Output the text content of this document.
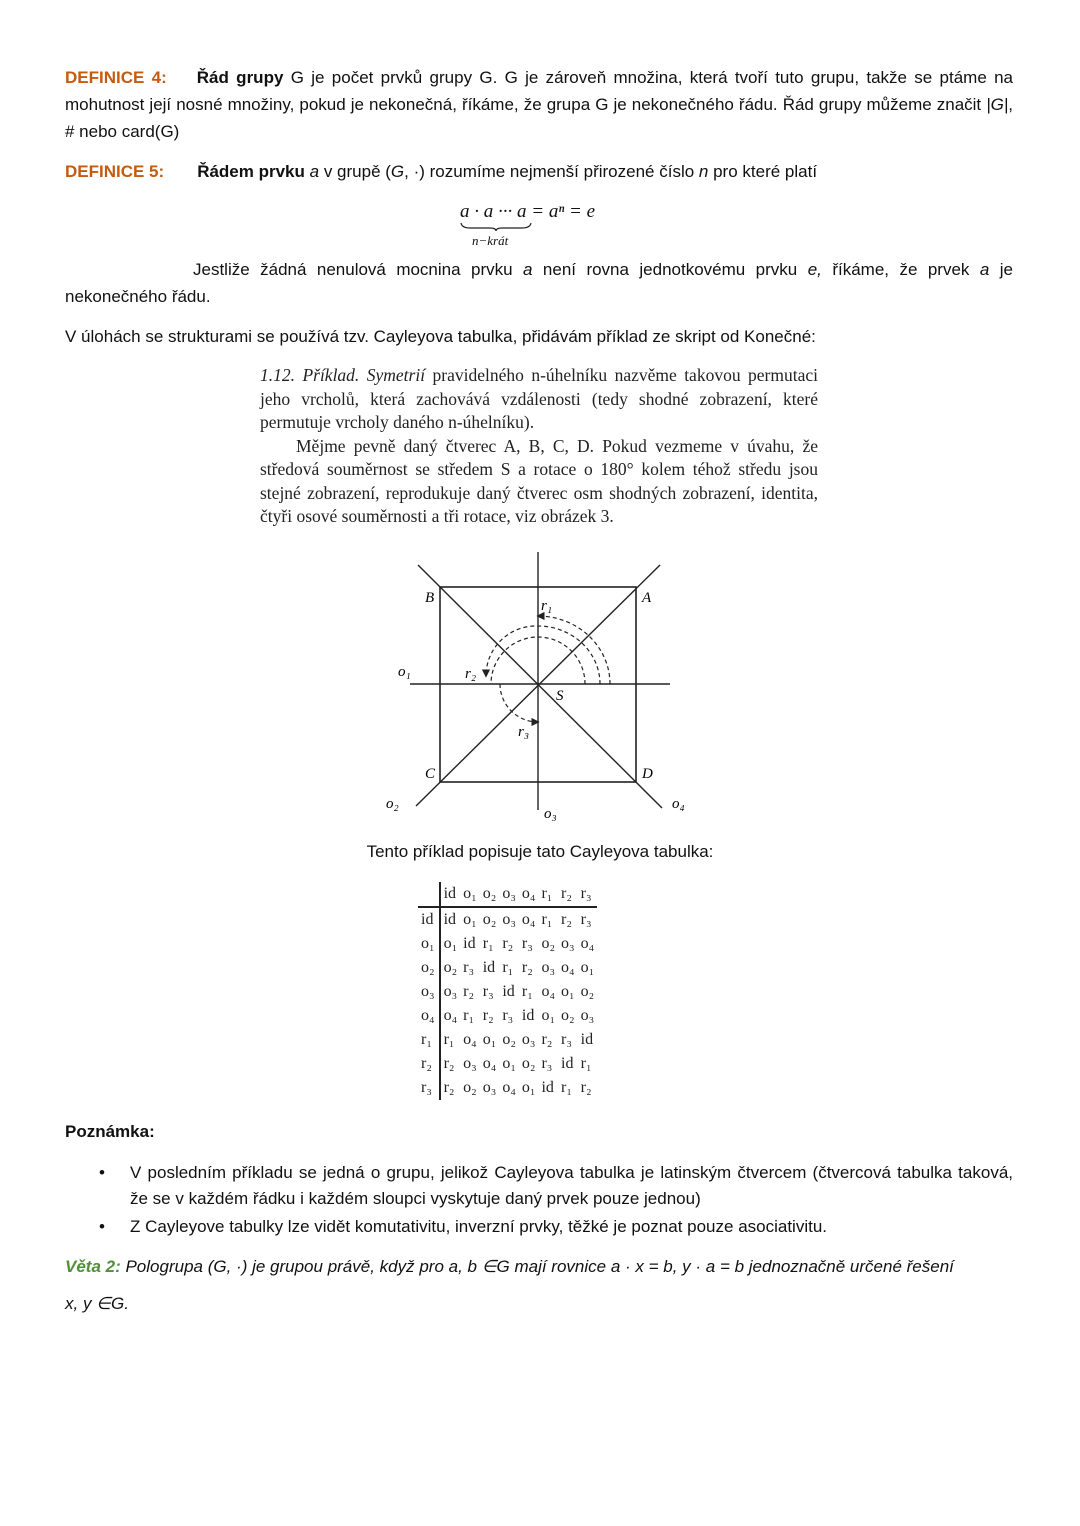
DEFINICE 4: Řád grupy G je počet prvků grupy G. G je zároveň množina, která tvoří tuto grupu, takže se ptáme na mohutnost její nosné množiny, pokud je nekonečná, říkáme, že grupa G je nekonečného řádu. Řád grupy můžeme značit |G|, # nebo card(G)
DEFINICE 5: Řádem prvku a v grupě (G, ·) rozumíme nejmenší přirozené číslo n pro které platí
a · a ··· a
n−krát
= aⁿ = e
Jestliže žádná nenulová mocnina prvku a není rovna jednotkovému prvku e, říkáme, že prvek a je nekonečného řádu.
V úlohách se strukturami se používá tzv. Cayleyova tabulka, přidávám příklad ze skript od Konečné:

1.12. Příklad. Symetrií pravidelného n-úhelníku nazvěme takovou permutaci jeho vrcholů, která zachovává vzdálenosti (tedy shodné zobrazení, které permutuje vrcholy daného n-úhelníku).

Mějme pevně daný čtverec A, B, C, D. Pokud vezmeme v úvahu, že středová souměrnost se středem S a rotace o 180° kolem téhož středu jsou stejné zobrazení, reprodukuje daný čtverec osm shodných zobrazení, identita, čtyři osové souměrnosti a tři rotace, viz obrázek 3.

B	A
C	D
S
o₁
o₂
o₃
o₄
r₁
r₂
r₃
Tento příklad popisuje tato Cayleyova tabulka:
	id	o₁	o₂	o₃	o₄	r₁	r₂	r₃
id	id	o₁	o₂	o₃	o₄	r₁	r₂	r₃
o₁	o₁	id	r₁	r₂	r₃	o₂	o₃	o₄
o₂	o₂	r₃	id	r₁	r₂	o₃	o₄	o₁
o₃	o₃	r₂	r₃	id	r₁	o₄	o₁	o₂
o₄	o₄	r₁	r₂	r₃	id	o₁	o₂	o₃
r₁	r₁	o₄	o₁	o₂	o₃	r₂	r₃	id
r₂	r₂	o₃	o₄	o₁	o₂	r₃	id	r₁
r₃	r₂	o₂	o₃	o₄	o₁	id	r₁	r₂
Poznámka:
• V posledním příkladu se jedná o grupu, jelikož Cayleyova tabulka je latinským čtvercem (čtvercová tabulka taková, že se v každém řádku i každém sloupci vyskytuje daný prvek pouze jednou)
• Z Cayleyove tabulky lze vidět komutativitu, inverzní prvky, těžké je poznat pouze asociativitu.
Věta 2: Pologrupa (G, ·) je grupou právě, když pro a, b ∈G mají rovnice a · x = b, y · a = b jednoznačně určené řešení
x, y ∈G.
